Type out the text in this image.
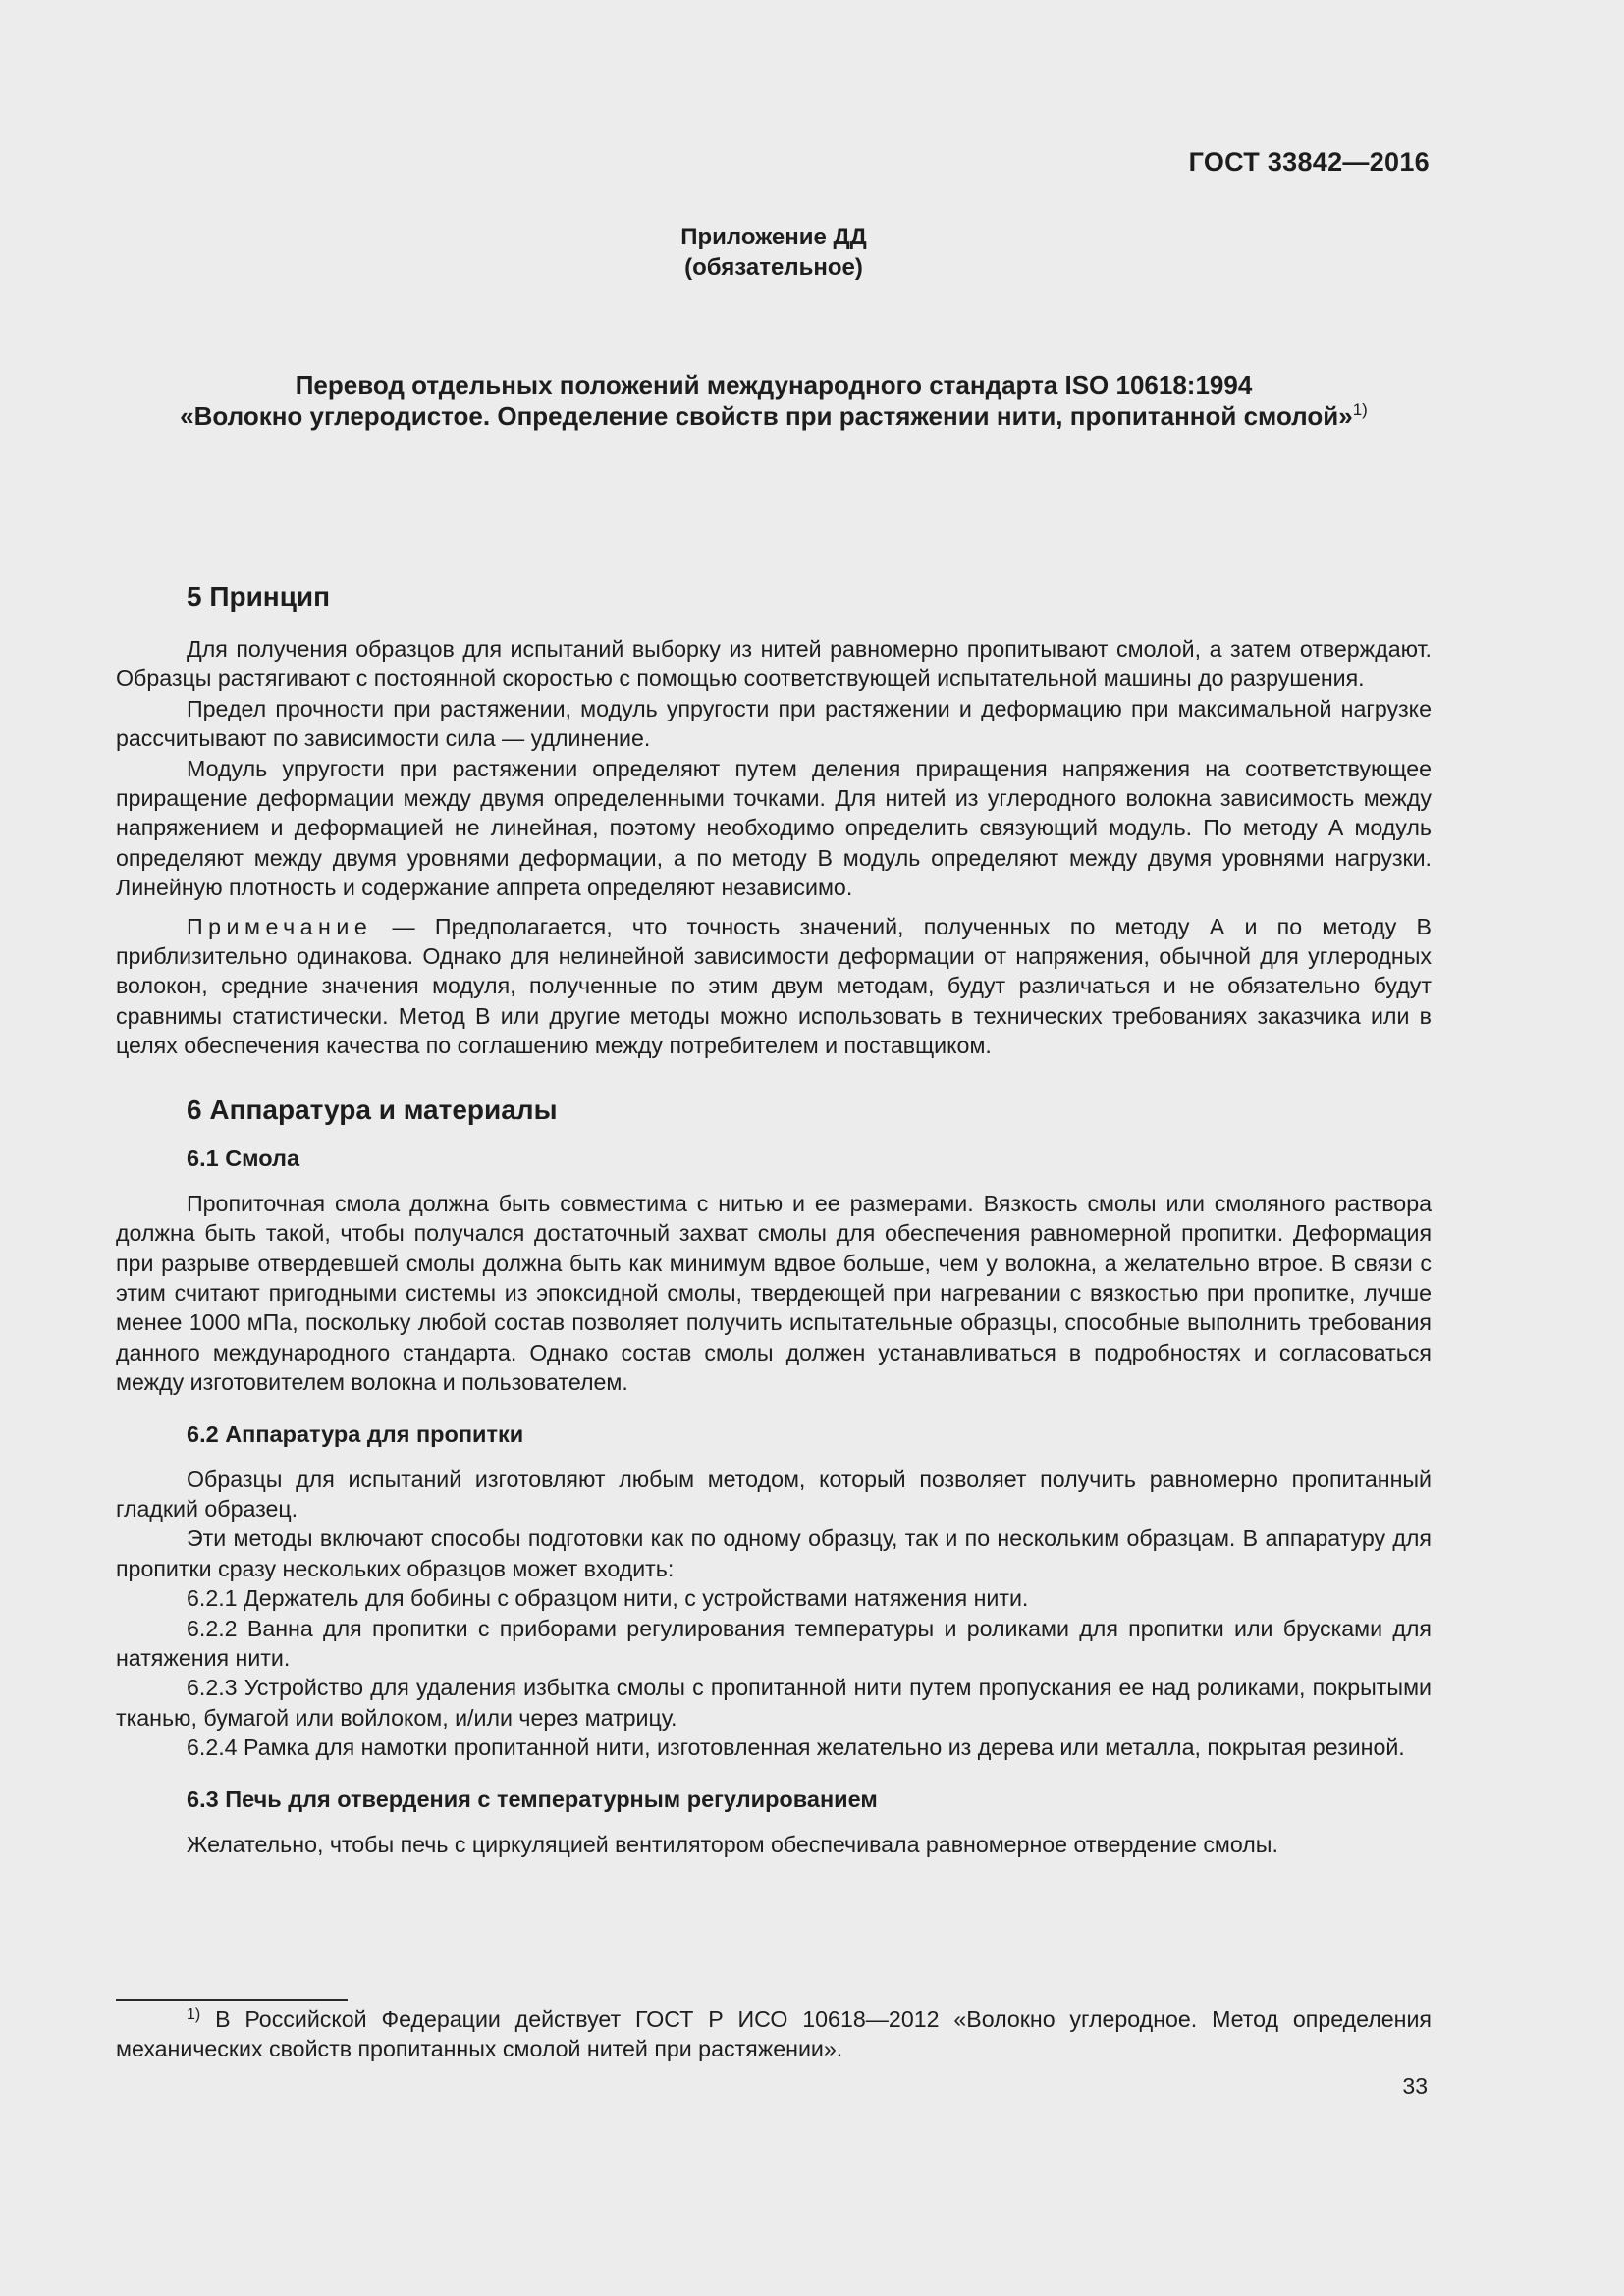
ГОСТ 33842—2016
Приложение ДД
(обязательное)
Перевод отдельных положений международного стандарта ISO 10618:1994
«Волокно углеродистое. Определение свойств при растяжении нити, пропитанной смолой»$^{1)}$
5 Принцип

Для получения образцов для испытаний выборку из нитей равномерно пропитывают смолой, а затем отверждают. Образцы растягивают с постоянной скоростью с помощью соответствующей испытательной машины до разрушения.

Предел прочности при растяжении, модуль упругости при растяжении и деформацию при максимальной нагрузке рассчитывают по зависимости сила — удлинение.

Модуль упругости при растяжении определяют путем деления приращения напряжения на соответствующее приращение деформации между двумя определенными точками. Для нитей из углеродного волокна зависимость между напряжением и деформацией не линейная, поэтому необходимо определить связующий модуль. По методу А модуль определяют между двумя уровнями деформации, а по методу В модуль определяют между двумя уровнями нагрузки. Линейную плотность и содержание аппрета определяют независимо.

Примечание — Предполагается, что точность значений, полученных по методу А и по методу В приблизительно одинакова. Однако для нелинейной зависимости деформации от напряжения, обычной для углеродных волокон, средние значения модуля, полученные по этим двум методам, будут различаться и не обязательно будут сравнимы статистически. Метод В или другие методы можно использовать в технических требованиях заказчика или в целях обеспечения качества по соглашению между потребителем и поставщиком.

6 Аппаратура и материалы
6.1 Смола

Пропиточная смола должна быть совместима с нитью и ее размерами. Вязкость смолы или смоляного раствора должна быть такой, чтобы получался достаточный захват смолы для обеспечения равномерной пропитки. Деформация при разрыве отвердевшей смолы должна быть как минимум вдвое больше, чем у волокна, а желательно втрое. В связи с этим считают пригодными системы из эпоксидной смолы, твердеющей при нагревании с вязкостью при пропитке, лучше менее 1000 мПа, поскольку любой состав позволяет получить испытательные образцы, способные выполнить требования данного международного стандарта. Однако состав смолы должен устанавливаться в подробностях и согласоваться между изготовителем волокна и пользователем.

6.2 Аппаратура для пропитки

Образцы для испытаний изготовляют любым методом, который позволяет получить равномерно пропитанный гладкий образец.

Эти методы включают способы подготовки как по одному образцу, так и по нескольким образцам. В аппаратуру для пропитки сразу нескольких образцов может входить:

6.2.1 Держатель для бобины с образцом нити, с устройствами натяжения нити.

6.2.2 Ванна для пропитки с приборами регулирования температуры и роликами для пропитки или брусками для натяжения нити.

6.2.3 Устройство для удаления избытка смолы с пропитанной нити путем пропускания ее над роликами, покрытыми тканью, бумагой или войлоком, и/или через матрицу.

6.2.4 Рамка для намотки пропитанной нити, изготовленная желательно из дерева или металла, покрытая резиной.

6.3 Печь для отвердения с температурным регулированием

Желательно, чтобы печь с циркуляцией вентилятором обеспечивала равномерное отвердение смолы.

$^{1)}$ В Российской Федерации действует ГОСТ Р ИСО 10618—2012 «Волокно углеродное. Метод определения механических свойств пропитанных смолой нитей при растяжении».

33
